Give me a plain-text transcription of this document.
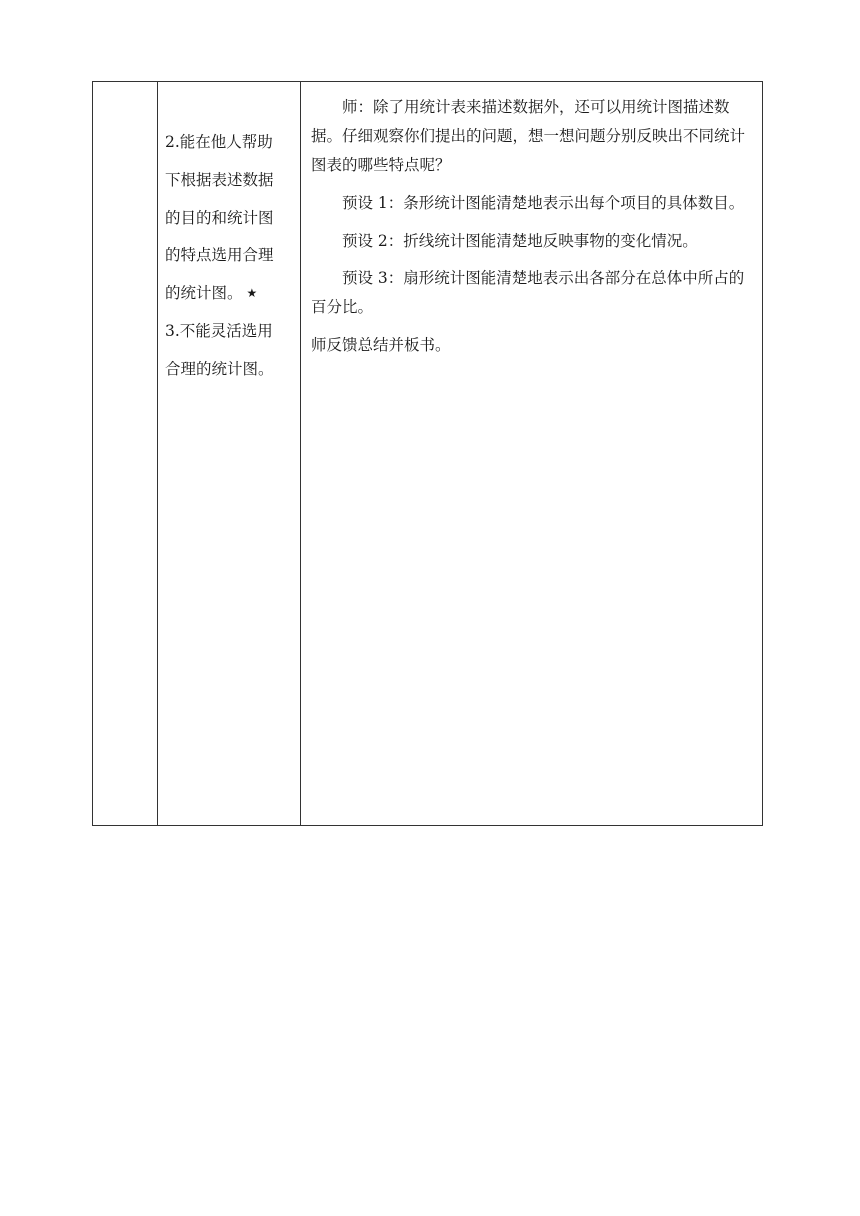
2.能在他人帮助
下根据表述数据
的目的和统计图
的特点选用合理
的统计图。 ★
3.不能灵活选用
合理的统计图。
师：除了用统计表来描述数据外，还可以用统计图描述数据。仔细观察你们提出的问题，想一想问题分别反映出不同统计图表的哪些特点呢？
预设 1：条形统计图能清楚地表示出每个项目的具体数目。
预设 2：折线统计图能清楚地反映事物的变化情况。
预设 3：扇形统计图能清楚地表示出各部分在总体中所占的百分比。
师反馈总结并板书。
